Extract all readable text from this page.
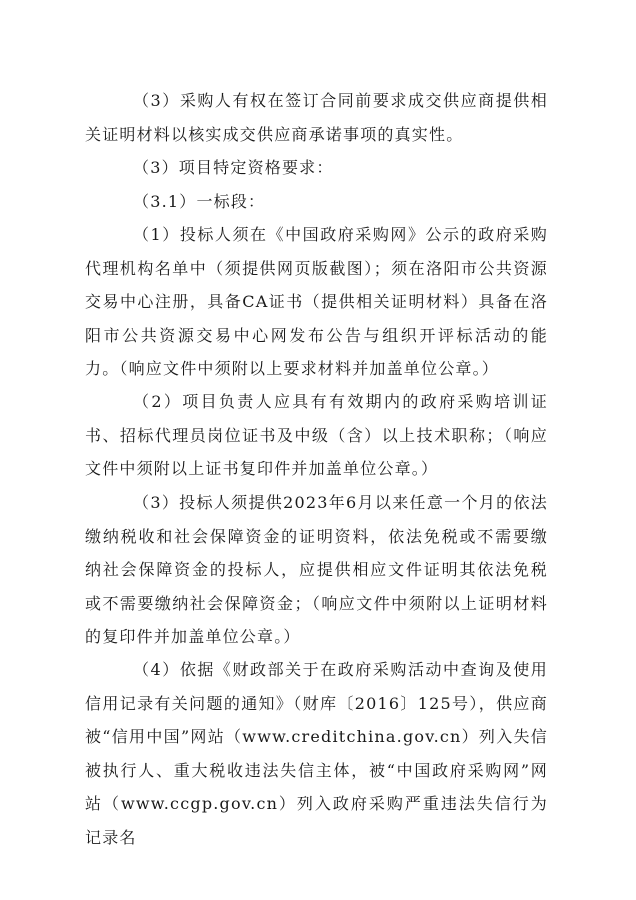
（3）采购人有权在签订合同前要求成交供应商提供相关证明材料以核实成交供应商承诺事项的真实性。

（3）项目特定资格要求：

（3.1）一标段：

（1）投标人须在《中国政府采购网》公示的政府采购代理机构名单中（须提供网页版截图）；须在洛阳市公共资源交易中心注册，具备CA证书（提供相关证明材料）具备在洛阳市公共资源交易中心网发布公告与组织开评标活动的能力。（响应文件中须附以上要求材料并加盖单位公章。）

（2）项目负责人应具有有效期内的政府采购培训证书、招标代理员岗位证书及中级（含）以上技术职称；（响应文件中须附以上证书复印件并加盖单位公章。）

（3）投标人须提供2023年6月以来任意一个月的依法缴纳税收和社会保障资金的证明资料，依法免税或不需要缴纳社会保障资金的投标人，应提供相应文件证明其依法免税或不需要缴纳社会保障资金；（响应文件中须附以上证明材料的复印件并加盖单位公章。）

（4）依据《财政部关于在政府采购活动中查询及使用信用记录有关问题的通知》（财库〔2016〕125号），供应商被“信用中国”网站（www.creditchina.gov.cn）列入失信被执行人、重大税收违法失信主体，被“中国政府采购网”网站（www.ccgp.gov.cn）列入政府采购严重违法失信行为记录名
